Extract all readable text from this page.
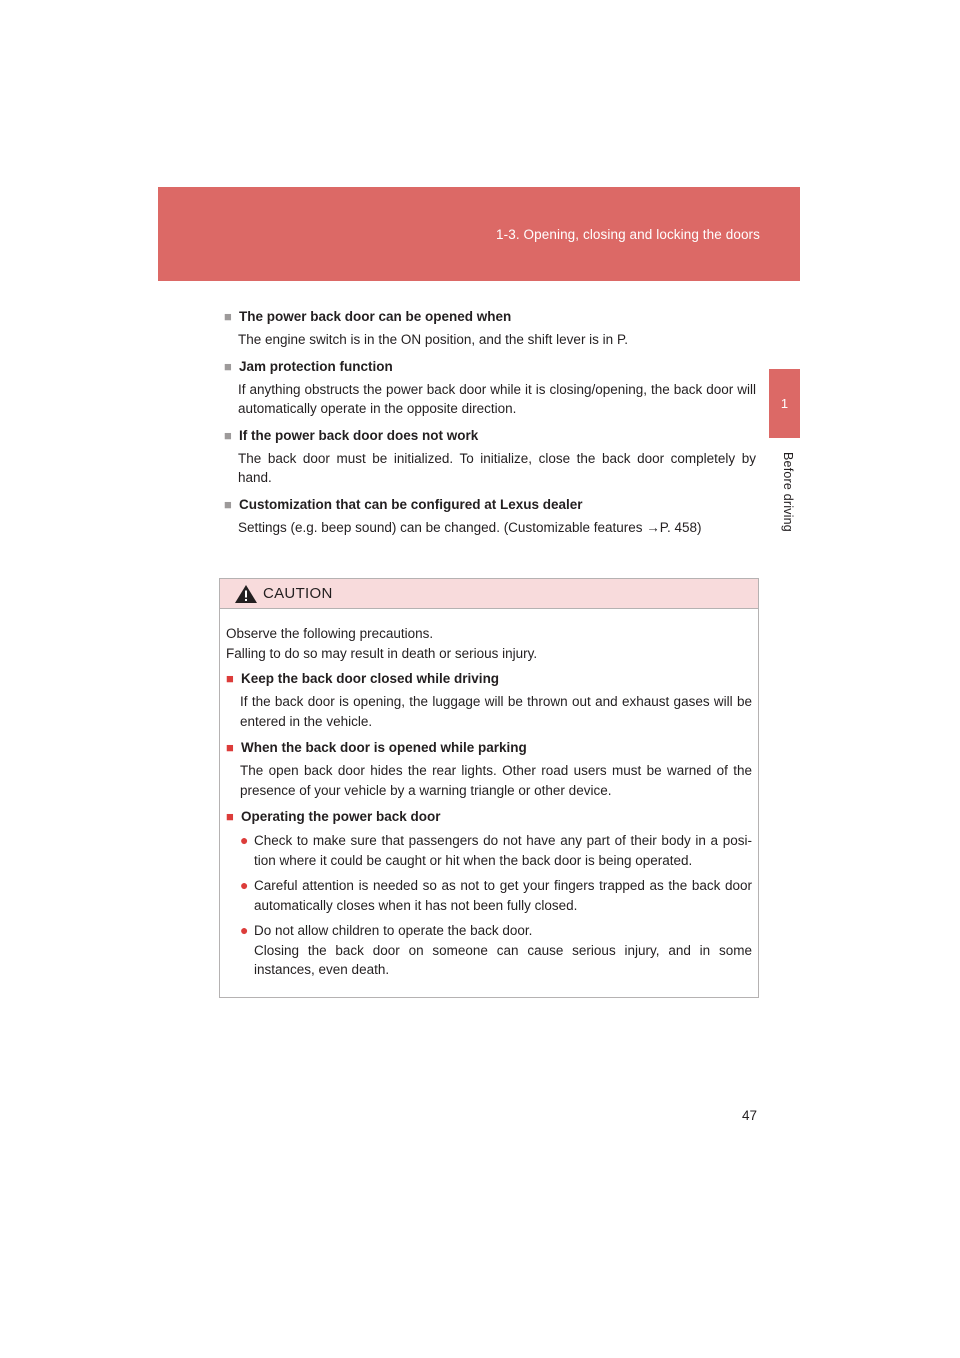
1-3. Opening, closing and locking the doors
1
Before driving
■ The power back door can be opened when
The engine switch is in the ON position, and the shift lever is in P.
■ Jam protection function
If anything obstructs the power back door while it is closing/opening, the back door will automatically operate in the opposite direction.
■ If the power back door does not work
The back door must be initialized. To initialize, close the back door completely by hand.
■ Customization that can be configured at Lexus dealer
Settings (e.g. beep sound) can be changed. (Customizable features →P. 458)
CAUTION
Observe the following precautions.
Falling to do so may result in death or serious injury.
■ Keep the back door closed while driving
If the back door is opening, the luggage will be thrown out and exhaust gases will be entered in the vehicle.
■ When the back door is opened while parking
The open back door hides the rear lights. Other road users must be warned of the presence of your vehicle by a warning triangle or other device.
■ Operating the power back door
● Check to make sure that passengers do not have any part of their body in a posi-tion where it could be caught or hit when the back door is being operated.
● Careful attention is needed so as not to get your fingers trapped as the back door automatically closes when it has not been fully closed.
● Do not allow children to operate the back door.
Closing the back door on someone can cause serious injury, and in some instances, even death.
47
